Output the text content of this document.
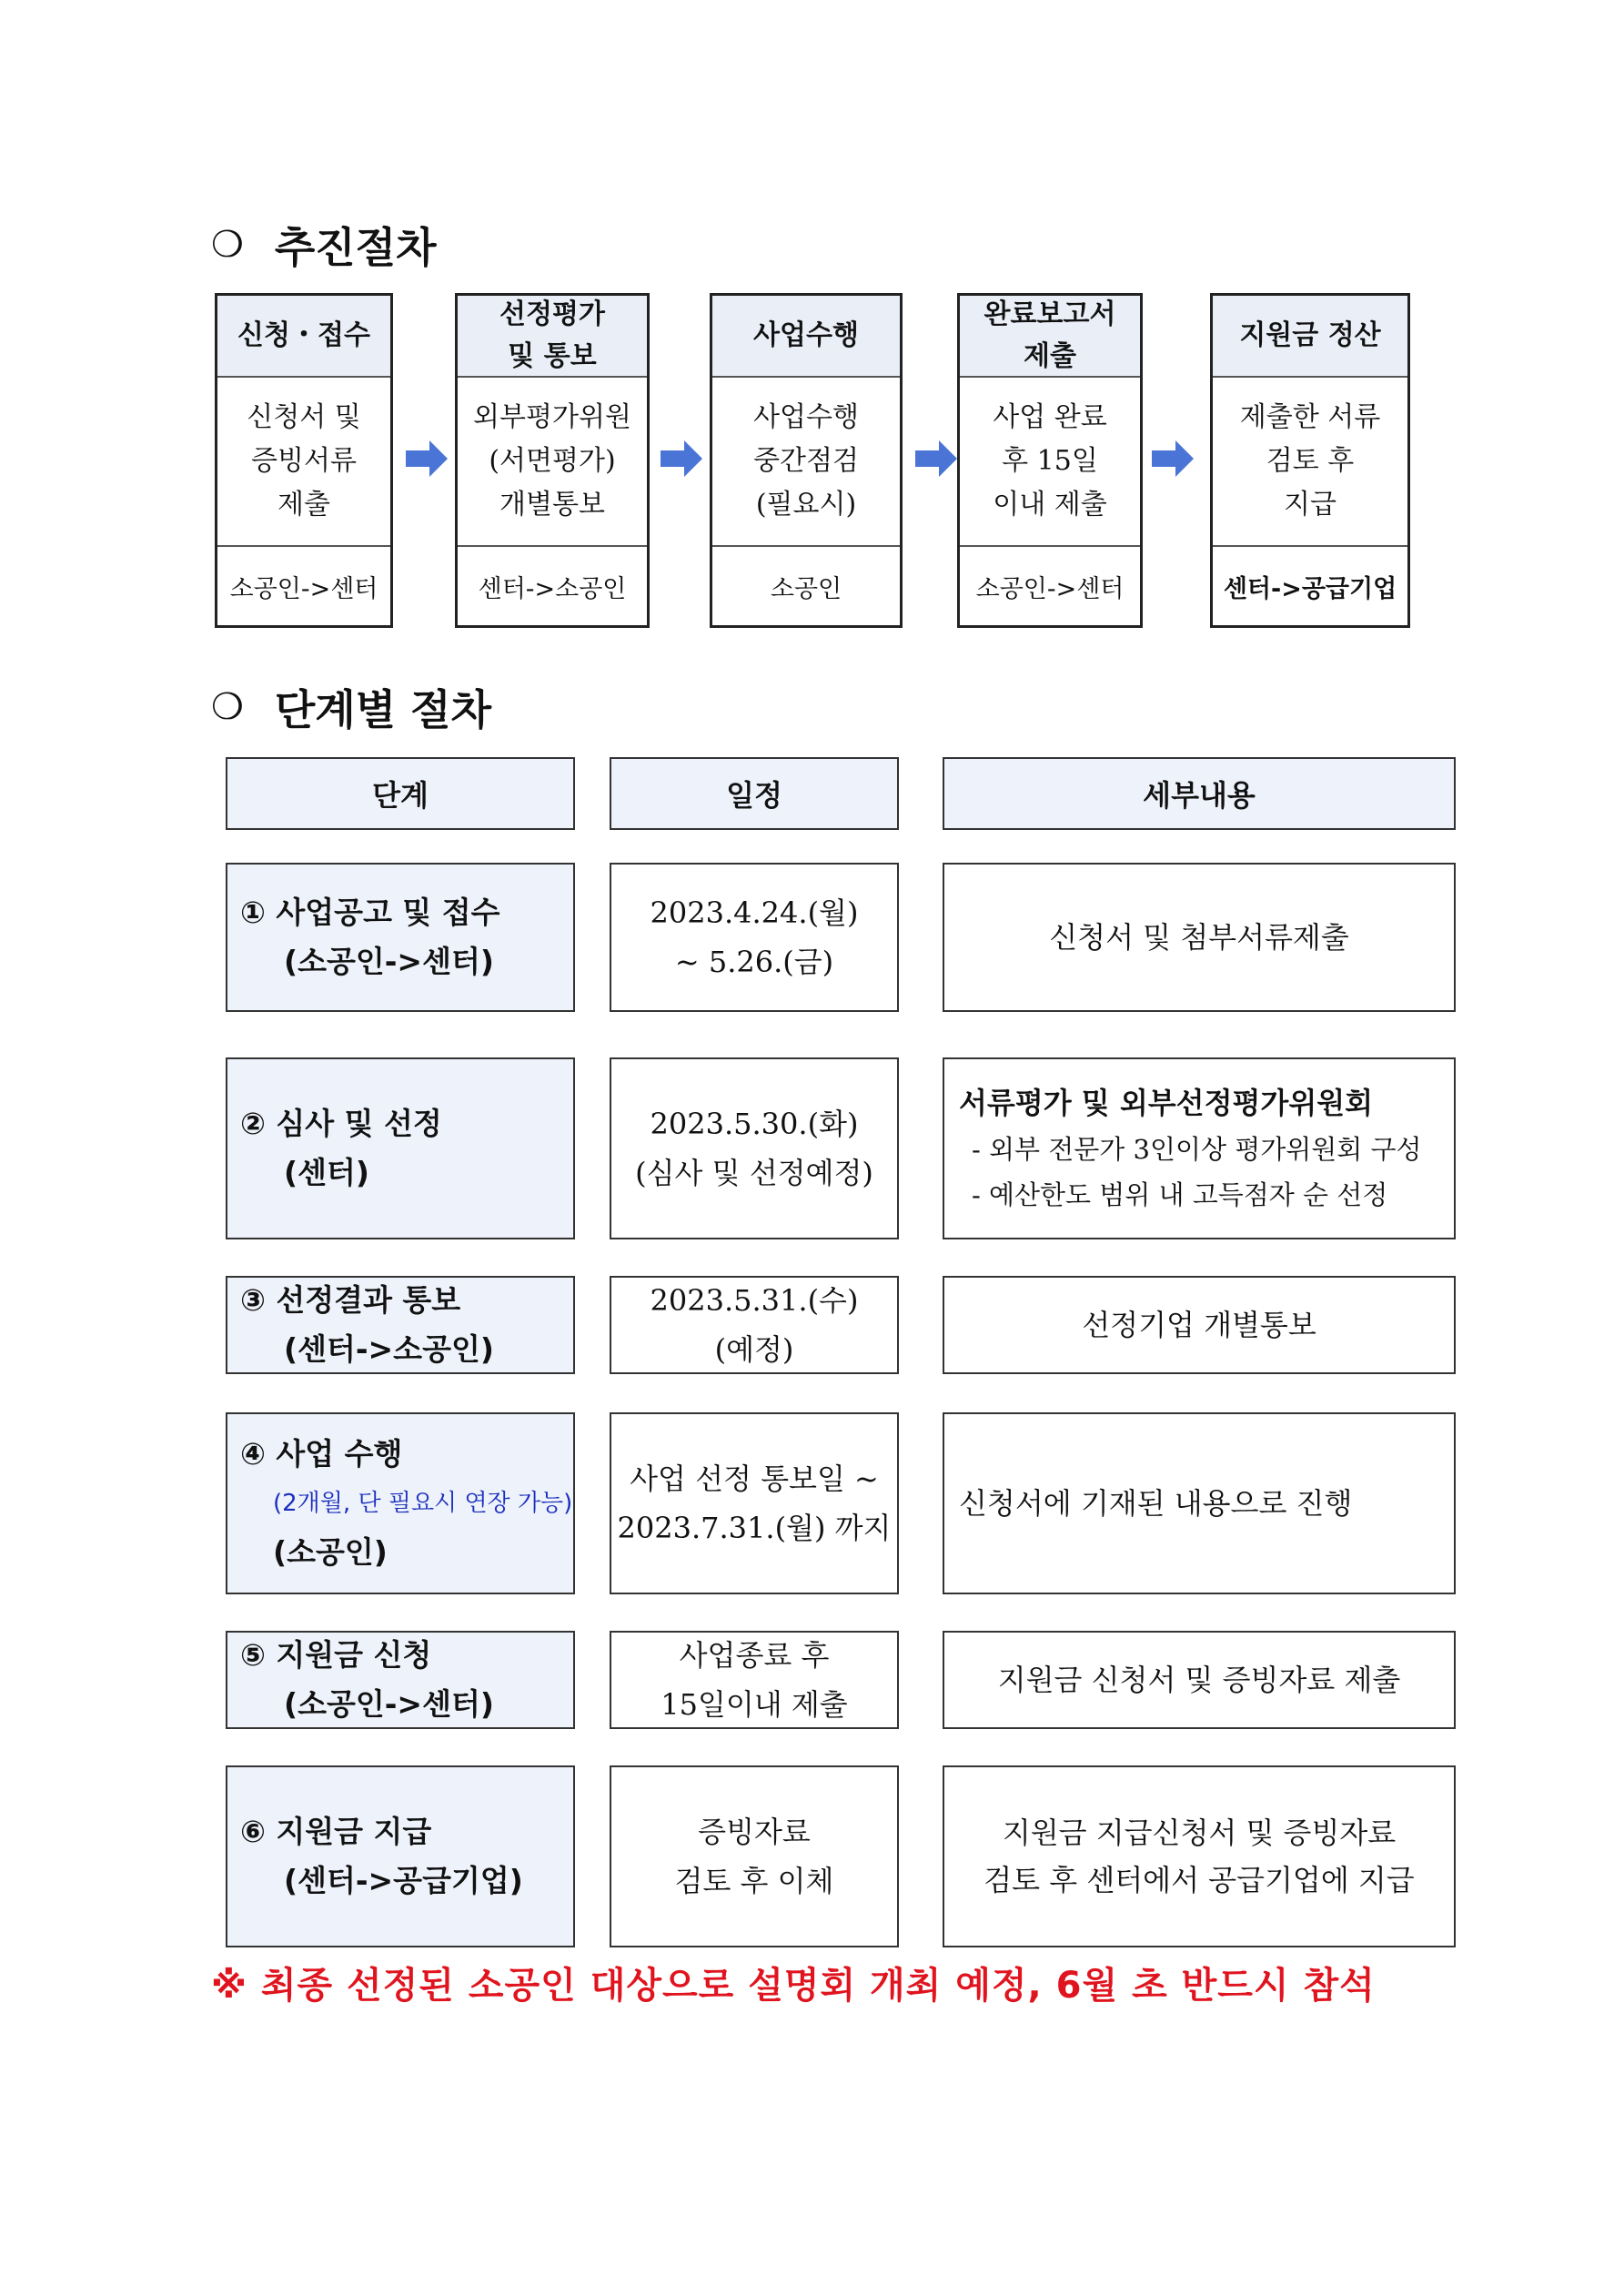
❍ 추진절차
신청・접수
신청서 및
증빙서류
제출
소공인->센터
선정평가
및 통보
외부평가위원
(서면평가)
개별통보
센터->소공인
사업수행
사업수행
중간점검
(필요시)
소공인
완료보고서
제출
사업 완료
후 15일
이내 제출
소공인->센터
지원금 정산
제출한 서류
검토 후
지급
센터->공급기업
❍ 단계별 절차
단계	일정	세부내용
① 사업공고 및 접수
(소공인->센터)
2023.4.24.(월)
~ 5.26.(금)
신청서 및 첨부서류제출
② 심사 및 선정
(센터)
2023.5.30.(화)
(심사 및 선정예정)
서류평가 및 외부선정평가위원회
- 외부 전문가 3인이상 평가위원회 구성
- 예산한도 범위 내 고득점자 순 선정
③ 선정결과 통보
(센터->소공인)
2023.5.31.(수)
(예정)
선정기업 개별통보
④ 사업 수행
(2개월, 단 필요시 연장 가능)
(소공인)
사업 선정 통보일 ~
2023.7.31.(월) 까지
신청서에 기재된 내용으로 진행
⑤ 지원금 신청
(소공인->센터)
사업종료 후
15일이내 제출
지원금 신청서 및 증빙자료 제출
⑥ 지원금 지급
(센터->공급기업)
증빙자료
검토 후 이체
지원금 지급신청서 및 증빙자료
검토 후 센터에서 공급기업에 지급
※ 최종 선정된 소공인 대상으로 설명회 개최 예정, 6월 초 반드시 참석
